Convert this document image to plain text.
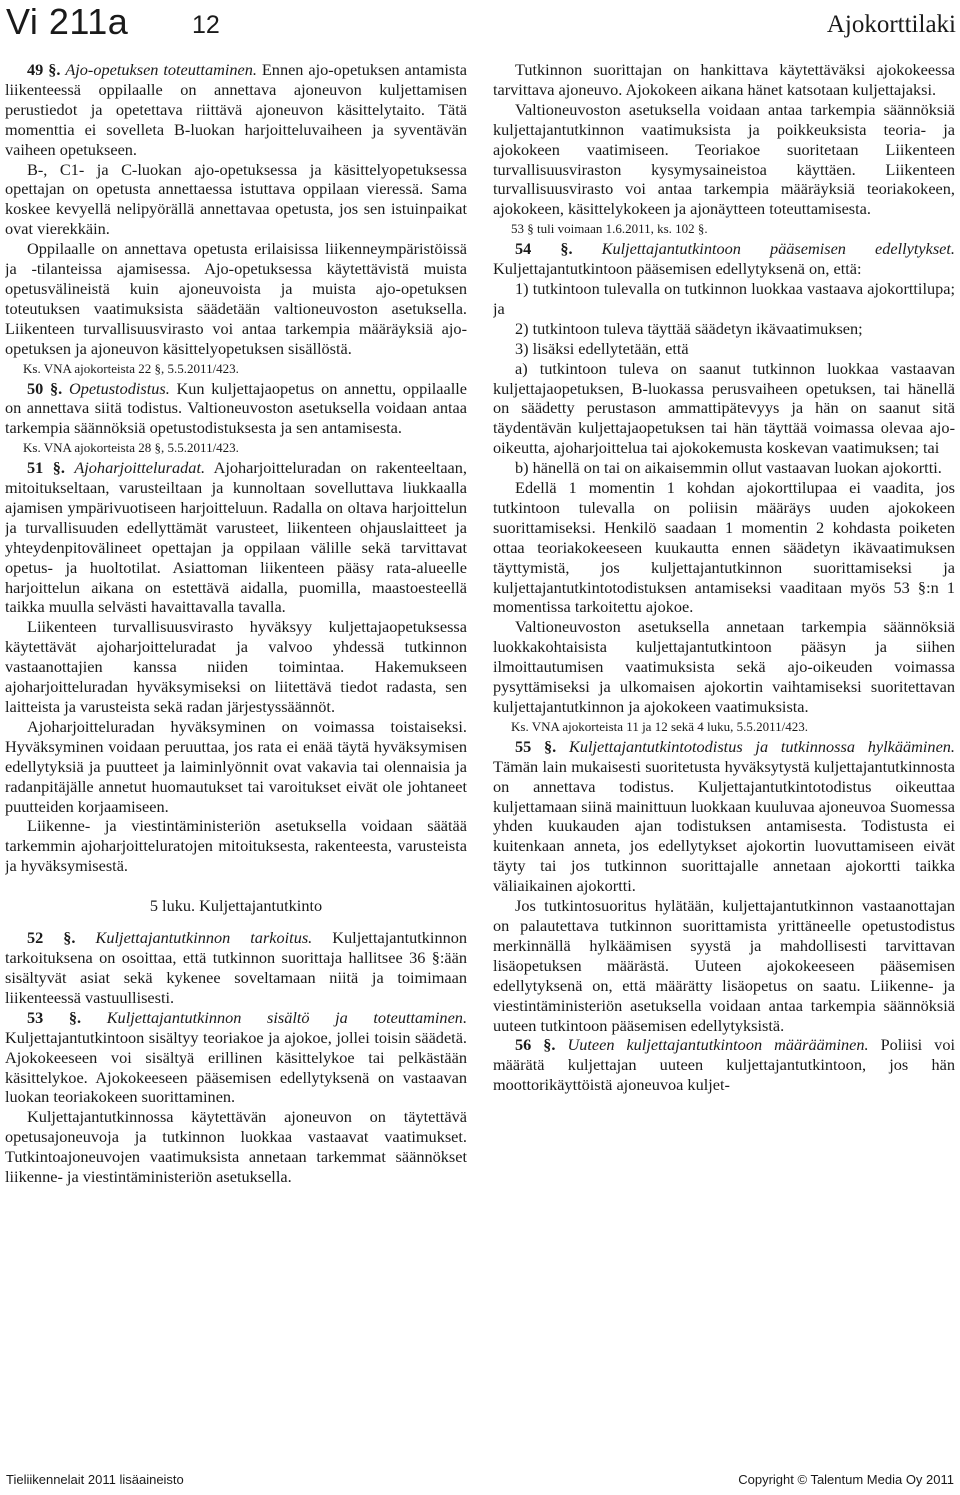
Vi 211a	12	Ajokorttilaki

49 §. Ajo-opetuksen toteuttaminen. Ennen ajo-opetuksen antamista liikenteessä oppilaalle on annettava ajoneuvon kuljettamisen perustiedot ja opetettava riittävä ajoneuvon käsittelytaito. Tätä momenttia ei sovelleta B-luokan harjoitteluvaiheen ja syventävän vaiheen opetukseen.

B-, C1- ja C-luokan ajo-opetuksessa ja käsittelyopetuksessa opettajan on opetusta annettaessa istuttava oppilaan vieressä. Sama koskee kevyellä nelipyörällä annettavaa opetusta, jos sen istuinpaikat ovat vierekkäin.

Oppilaalle on annettava opetusta erilaisissa liikenneympäristöissä ja -tilanteissa ajamisessa. Ajo-opetuksessa käytettävistä muista opetusvälineistä kuin ajoneuvoista ja muista ajo-opetuksen toteutuksen vaatimuksista säädetään valtioneuvoston asetuksella. Liikenteen turvallisuusvirasto voi antaa tarkempia määräyksiä ajo-opetuksen ja ajoneuvon käsittelyopetuksen sisällöstä.

Ks. VNA ajokorteista 22 §, 5.5.2011/423.

50 §. Opetustodistus. Kun kuljettajaopetus on annettu, oppilaalle on annettava siitä todistus. Valtioneuvoston asetuksella voidaan antaa tarkempia säännöksiä opetustodistuksesta ja sen antamisesta.

Ks. VNA ajokorteista 28 §, 5.5.2011/423.

51 §. Ajoharjoitteluradat. Ajoharjoitteluradan on rakenteeltaan, mitoitukseltaan, varusteiltaan ja kunnoltaan sovelluttava liukkaalla ajamisen ympärivuotiseen harjoitteluun. Radalla on oltava harjoittelun ja turvallisuuden edellyttämät varusteet, liikenteen ohjauslaitteet ja yhteydenpitovälineet opettajan ja oppilaan välille sekä tarvittavat opetus- ja huoltotilat. Asiattoman liikenteen pääsy rata-alueelle harjoittelun aikana on estettävä aidalla, puomilla, maastoesteellä taikka muulla selvästi havaittavalla tavalla.

Liikenteen turvallisuusvirasto hyväksyy kuljettajaopetuksessa käytettävät ajoharjoitteluradat ja valvoo yhdessä tutkinnon vastaanottajien kanssa niiden toimintaa. Hakemukseen ajoharjoitteluradan hyväksymiseksi on liitettävä tiedot radasta, sen laitteista ja varusteista sekä radan järjestyssäännöt.

Ajoharjoitteluradan hyväksyminen on voimassa toistaiseksi. Hyväksyminen voidaan peruuttaa, jos rata ei enää täytä hyväksymisen edellytyksiä ja puutteet ja laiminlyönnit ovat vakavia tai olennaisia ja radanpitäjälle annetut huomautukset tai varoitukset eivät ole johtaneet puutteiden korjaamiseen.

Liikenne- ja viestintäministeriön asetuksella voidaan säätää tarkemmin ajoharjoitteluratojen mitoituksesta, rakenteesta, varusteista ja hyväksymisestä.

5 luku. Kuljettajantutkinto

52 §. Kuljettajantutkinnon tarkoitus. Kuljettajantutkinnon tarkoituksena on osoittaa, että tutkinnon suorittaja hallitsee 36 §:ään sisältyvät asiat sekä kykenee soveltamaan niitä ja toimimaan liikenteessä vastuullisesti.

53 §. Kuljettajantutkinnon sisältö ja toteuttaminen. Kuljettajantutkintoon sisältyy teoriakoe ja ajokoe, jollei toisin säädetä. Ajokokeeseen voi sisältyä erillinen käsittelykoe tai pelkästään käsittelykoe. Ajokokeeseen pääsemisen edellytyksenä on vastaavan luokan teoriakokeen suorittaminen.

Kuljettajantutkinnossa käytettävän ajoneuvon on täytettävä opetusajoneuvoja ja tutkinnon luokkaa vastaavat vaatimukset. Tutkintoajoneuvojen vaatimuksista annetaan tarkemmat säännökset liikenne- ja viestintäministeriön asetuksella.

Tutkinnon suorittajan on hankittava käytettäväksi ajokokeessa tarvittava ajoneuvo. Ajokokeen aikana hänet katsotaan kuljettajaksi.

Valtioneuvoston asetuksella voidaan antaa tarkempia säännöksiä kuljettajantutkinnon vaatimuksista ja poikkeuksista teoria- ja ajokokeen vaatimiseen. Teoriakoe suoritetaan Liikenteen turvallisuusviraston kysymysaineistoa käyttäen. Liikenteen turvallisuusvirasto voi antaa tarkempia määräyksiä teoriakokeen, ajokokeen, käsittelykokeen ja ajonäytteen toteuttamisesta.

53 § tuli voimaan 1.6.2011, ks. 102 §.

54 §. Kuljettajantutkintoon pääsemisen edellytykset. Kuljettajantutkintoon pääsemisen edellytyksenä on, että:

1) tutkintoon tulevalla on tutkinnon luokkaa vastaava ajokorttilupa; ja

2) tutkintoon tuleva täyttää säädetyn ikävaatimuksen;

3) lisäksi edellytetään, että

a) tutkintoon tuleva on saanut tutkinnon luokkaa vastaavan kuljettajaopetuksen, B-luokassa perusvaiheen opetuksen, tai hänellä on säädetty perustason ammattipätevyys ja hän on saanut sitä täydentävän kuljettajaopetuksen tai hän täyttää voimassa olevaa ajo-oikeutta, ajoharjoittelua tai ajokokemusta koskevan vaatimuksen; tai

b) hänellä on tai on aikaisemmin ollut vastaavan luokan ajokortti.

Edellä 1 momentin 1 kohdan ajokorttilupaa ei vaadita, jos tutkintoon tulevalla on poliisin määräys uuden ajokokeen suorittamiseksi. Henkilö saadaan 1 momentin 2 kohdasta poiketen ottaa teoriakokeeseen kuukautta ennen säädetyn ikävaatimuksen täyttymistä, jos kuljettajantutkinnon suorittamiseksi ja kuljettajantutkintotodistuksen antamiseksi vaaditaan myös 53 §:n 1 momentissa tarkoitettu ajokoe.

Valtioneuvoston asetuksella annetaan tarkempia säännöksiä luokkakohtaisista kuljettajantutkintoon pääsyn ja siihen ilmoittautumisen vaatimuksista sekä ajo-oikeuden voimassa pysyttämiseksi ja ulkomaisen ajokortin vaihtamiseksi suoritettavan kuljettajantutkinnon ja ajokokeen vaatimuksista.

Ks. VNA ajokorteista 11 ja 12 sekä 4 luku, 5.5.2011/423.

55 §. Kuljettajantutkintotodistus ja tutkinnossa hylkääminen. Tämän lain mukaisesti suoritetusta hyväksytystä kuljettajantutkinnosta on annettava todistus. Kuljettajantutkintotodistus oikeuttaa kuljettamaan siinä mainittuun luokkaan kuuluvaa ajoneuvoa Suomessa yhden kuukauden ajan todistuksen antamisesta. Todistusta ei kuitenkaan anneta, jos edellytykset ajokortin luovuttamiseen eivät täyty tai jos tutkinnon suorittajalle annetaan ajokortti taikka väliaikainen ajokortti.

Jos tutkintosuoritus hylätään, kuljettajantutkinnon vastaanottajan on palautettava tutkinnon suorittamista yrittäneelle opetustodistus merkinnällä hylkäämisen syystä ja mahdollisesti tarvittavan lisäopetuksen määrästä. Uuteen ajokokeeseen pääsemisen edellytyksenä on, että määrätty lisäopetus on saatu. Liikenne- ja viestintäministeriön asetuksella voidaan antaa tarkempia säännöksiä uuteen tutkintoon pääsemisen edellytyksistä.

56 §. Uuteen kuljettajantutkintoon määrääminen. Poliisi voi määrätä kuljettajan uuteen kuljettajantutkintoon, jos hän moottorikäyttöistä ajoneuvoa kuljet-

Tieliikennelait 2011 lisäaineisto	Copyright © Talentum Media Oy 2011
